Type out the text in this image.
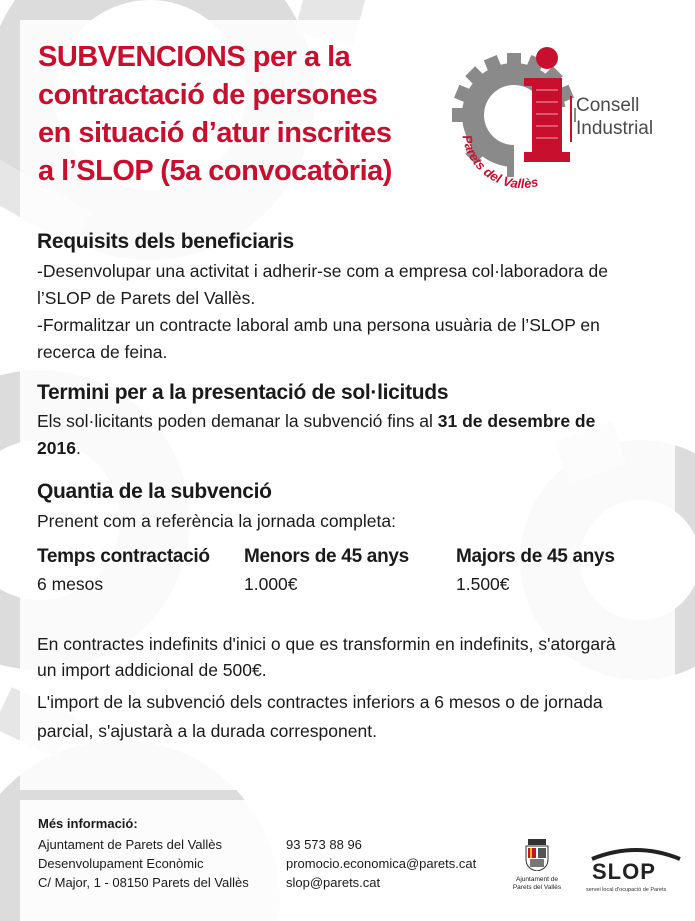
SUBVENCIONS per a la
contractació de persones
en situació d’atur inscrites
a l’SLOP (5a convocatòria)
Parets del Vallès
Consell
Industrial
Requisits dels beneficiaris
-Desenvolupar una activitat i adherir-se com a empresa col·laboradora de
l’SLOP de Parets del Vallès.
-Formalitzar un contracte laboral amb una persona usuària de l’SLOP en
recerca de feina.
Termini per a la presentació de sol·licituds
Els sol·licitants poden demanar la subvenció fins al 31 de desembre de
2016.
Quantia de la subvenció
Prenent com a referència la jornada completa:
Temps contractació
6 mesos
Menors de 45 anys
1.000€
Majors de 45 anys
1.500€
En contractes indefinits d'inici o que es transformin en indefinits, s'atorgarà
un import addicional de 500€.
L'import de la subvenció dels contractes inferiors a 6 mesos o de jornada
parcial, s'ajustarà a la durada corresponent.
Més informació:
Ajuntament de Parets del Vallès
Desenvolupament Econòmic
C/ Major, 1 - 08150 Parets del Vallès
93 573 88 96
promocio.economica@parets.cat
slop@parets.cat	Ajuntament de
Parets del Vallès
SLOP
servei local d'ocupació de Parets
